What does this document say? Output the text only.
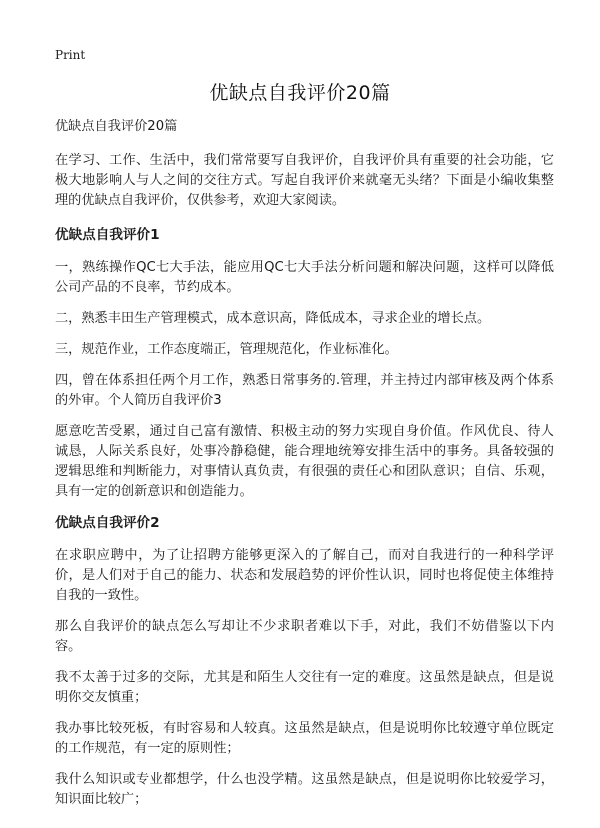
Print
优缺点自我评价20篇

优缺点自我评价20篇

在学习、工作、生活中，我们常常要写自我评价，自我评价具有重要的社会功能，它极大地影响人与人之间的交往方式。写起自我评价来就毫无头绪？下面是小编收集整理的优缺点自我评价，仅供参考，欢迎大家阅读。

优缺点自我评价1

一，熟练操作QC七大手法，能应用QC七大手法分析问题和解决问题，这样可以降低公司产品的不良率，节约成本。

二，熟悉丰田生产管理模式，成本意识高，降低成本，寻求企业的增长点。

三，规范作业，工作态度端正，管理规范化，作业标准化。

四，曾在体系担任两个月工作，熟悉日常事务的.管理，并主持过内部审核及两个体系的外审。个人简历自我评价3

愿意吃苦受累，通过自己富有激情、积极主动的努力实现自身价值。作风优良、待人诚恳，人际关系良好，处事冷静稳健，能合理地统筹安排生活中的事务。具备较强的逻辑思维和判断能力，对事情认真负责，有很强的责任心和团队意识；自信、乐观，具有一定的创新意识和创造能力。

优缺点自我评价2

在求职应聘中，为了让招聘方能够更深入的了解自己，而对自我进行的一种科学评价，是人们对于自己的能力、状态和发展趋势的评价性认识，同时也将促使主体维持自我的一致性。

那么自我评价的缺点怎么写却让不少求职者难以下手，对此，我们不妨借鉴以下内容。

我不太善于过多的交际，尤其是和陌生人交往有一定的难度。这虽然是缺点，但是说明你交友慎重；

我办事比较死板，有时容易和人较真。这虽然是缺点，但是说明你比较遵守单位既定的工作规范，有一定的原则性；

我什么知识或专业都想学，什么也没学精。这虽然是缺点，但是说明你比较爱学习，知识面比较广；
